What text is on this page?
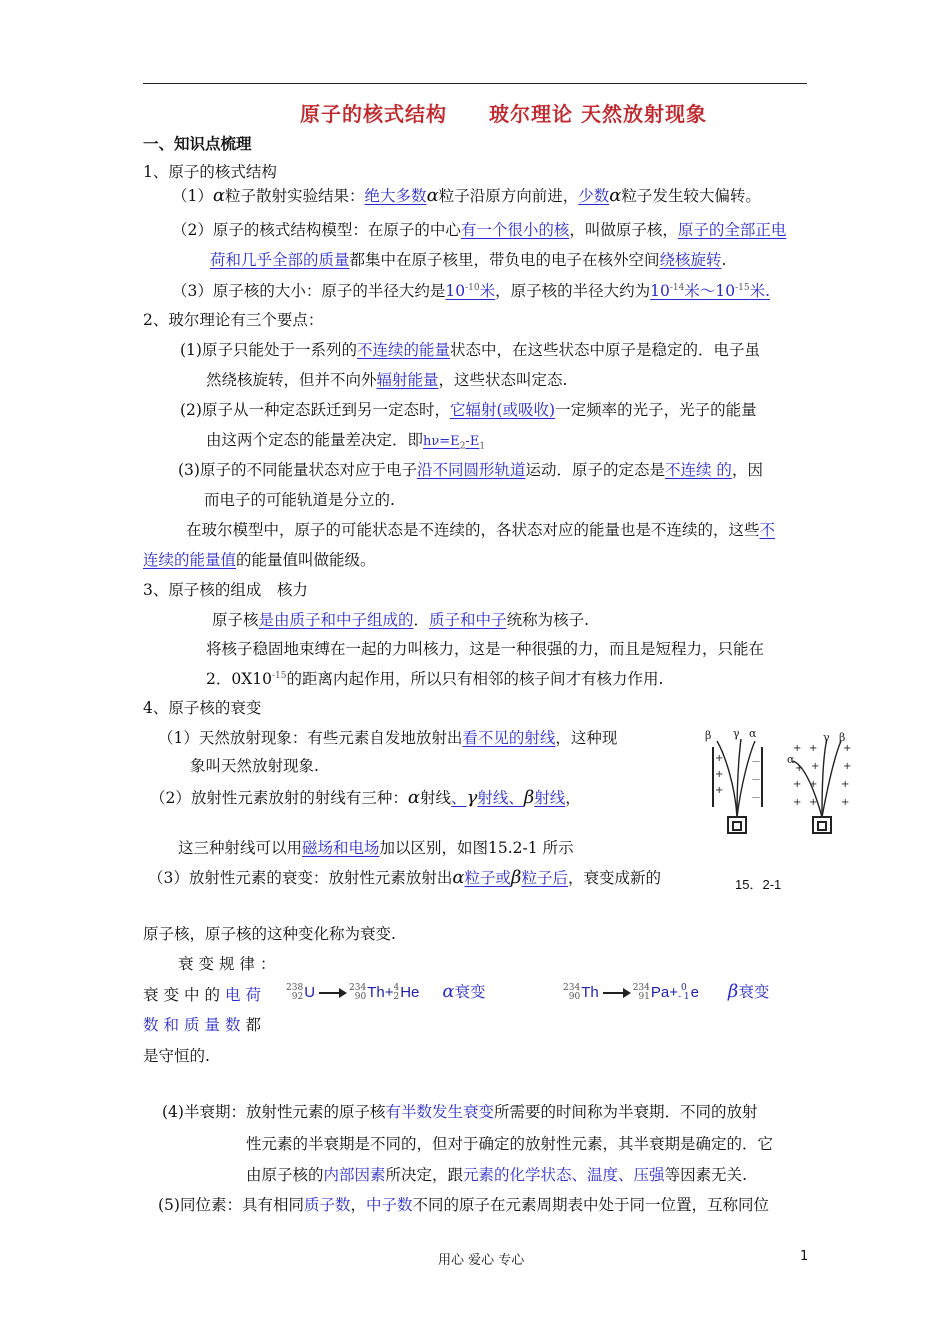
原子的核式结构 玻尔理论 天然放射现象
一、知识点梳理
1、原子的核式结构
（1）α粒子散射实验结果：绝大多数α粒子沿原方向前进，少数α粒子发生较大偏转。
（2）原子的核式结构模型：在原子的中心有一个很小的核，叫做原子核，原子的全部正电
荷和几乎全部的质量都集中在原子核里，带负电的电子在核外空间绕核旋转.
（3）原子核的大小：原子的半径大约是$10^{-10}$米，原子核的半径大约为$10^{-14}$米$\sim 10^{-15}$米.
2、玻尔理论有三个要点：
(1)原子只能处于一系列的不连续的能量状态中，在这些状态中原子是稳定的．电子虽
然绕核旋转，但并不向外辐射能量，这些状态叫定态.
(2)原子从一种定态跃迁到另一定态时，它辐射(或吸收)一定频率的光子，光子的能量
由这两个定态的能量差决定．即$h\nu=E_2-E_1$
(3)原子的不同能量状态对应于电子沿不同圆形轨道运动．原子的定态是不连续 的，因
而电子的可能轨道是分立的.
在玻尔模型中，原子的可能状态是不连续的，各状态对应的能量也是不连续的，这些不
连续的能量值的能量值叫做能级。
3、原子核的组成　核力
原子核是由质子和中子组成的．质子和中子统称为核子.
将核子稳固地束缚在一起的力叫核力，这是一种很强的力，而且是短程力，只能在
2．$0X10^{-15}$的距离内起作用，所以只有相邻的核子间才有核力作用.
4、原子核的衰变
（1）天然放射现象：有些元素自发地放射出看不见的射线，这种现
象叫天然放射现象.
（2）放射性元素放射的射线有三种：α射线、γ射线、β射线，
这三种射线可以用磁场和电场加以区别，如图15.2-1 所示
（3）放射性元素的衰变：放射性元素放射出α粒子或β粒子后，衰变成新的
原子核，原子核的这种变化称为衰变.
衰变规律：
衰变中的电荷
数和质量数都
是守恒的.
238
92U → 234
90Th+4
2He α衰变	234
90Th → 234
91Pa+ 0
- 1e β衰变
(4)半衰期：放射性元素的原子核有半数发生衰变所需要的时间称为半衰期．不同的放射
性元素的半衰期是不同的，但对于确定的放射性元素，其半衰期是确定的．它
由原子核的内部因素所决定，跟元素的化学状态、温度、压强等因素无关.
(5)同位素：具有相同质子数，中子数不同的原子在元素周期表中处于同一位置，互称同位
β γ α
α
γ β
+
+
+
－
－
－
+ +	+
+ + +
+ + +
+ + +
15．2-1
用心 爱心 专心	1
